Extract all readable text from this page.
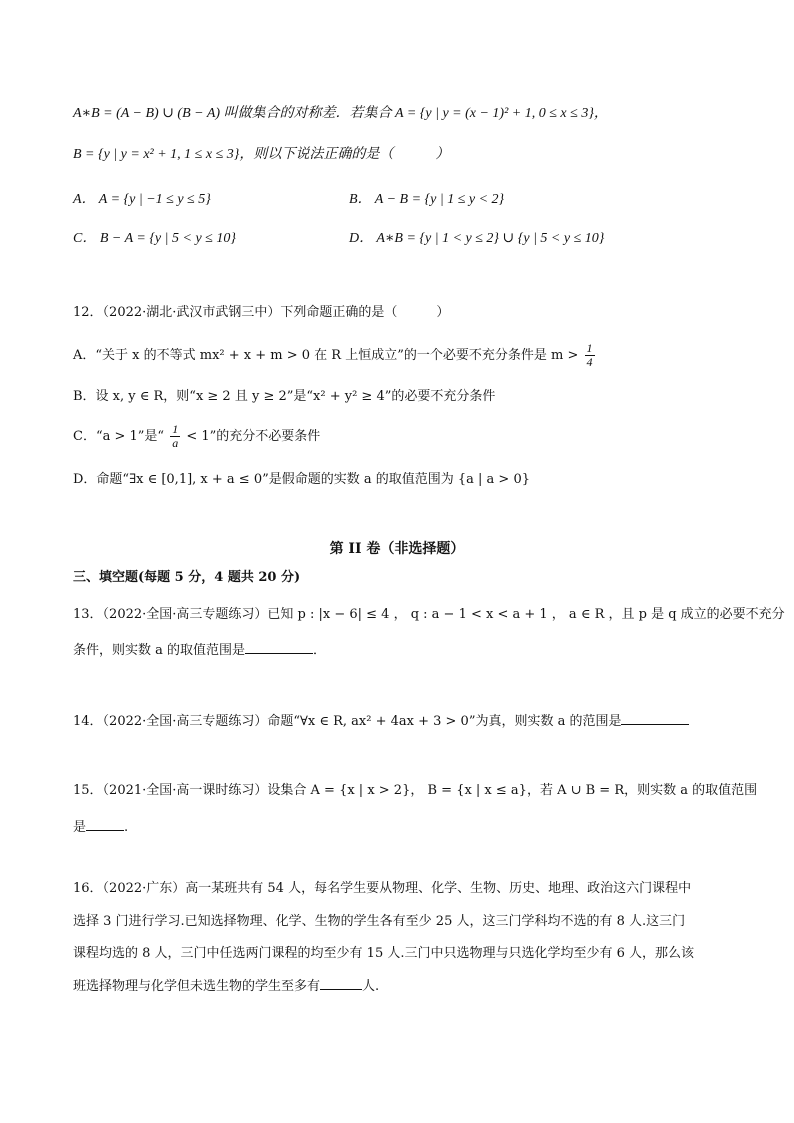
A∗B = (A − B) ∪ (B − A) 叫做集合的对称差．若集合 A = {y | y = (x − 1)² + 1, 0 ≤ x ≤ 3}，
B = {y | y = x² + 1, 1 ≤ x ≤ 3}，则以下说法正确的是（　　　）
A． A = {y | −1 ≤ y ≤ 5}	B． A − B = {y | 1 ≤ y < 2}
C． B − A = {y | 5 < y ≤ 10}	D． A∗B = {y | 1 < y ≤ 2} ∪ {y | 5 < y ≤ 10}
12．（2022·湖北·武汉市武钢三中）下列命题正确的是（　　　）
A．“关于 x 的不等式 mx² + x + m > 0 在 R 上恒成立”的一个必要不充分条件是 $m > \frac{1}{4}$
B．设 x, y ∈ R，则“x ≥ 2 且 y ≥ 2”是“x² + y² ≥ 4”的必要不充分条件
C．“a > 1”是“ $\frac{1}{a} < 1$”的充分不必要条件
D．命题“∃x ∈ [0,1], x + a ≤ 0”是假命题的实数 a 的取值范围为 {a | a > 0}
第 II 卷（非选择题）
三、填空题(每题 5 分，4 题共 20 分)
13．（2022·全国·高三专题练习）已知 p : |x − 6| ≤ 4 ， q : a − 1 < x < a + 1 ， a ∈ R ，且 p 是 q 成立的必要不充分
条件，则实数 a 的取值范围是	．
14．（2022·全国·高三专题练习）命题“∀x ∈ R, ax² + 4ax + 3 > 0”为真，则实数 a 的范围是
15．（2021·全国·高一课时练习）设集合 A = {x | x > 2}， B = {x | x ≤ a}，若 A ∪ B = R，则实数 a 的取值范围
是	.
16．（2022·广东）高一某班共有 54 人，每名学生要从物理、化学、生物、历史、地理、政治这六门课程中
选择 3 门进行学习.已知选择物理、化学、生物的学生各有至少 25 人，这三门学科均不选的有 8 人.这三门
课程均选的 8 人，三门中任选两门课程的均至少有 15 人.三门中只选物理与只选化学均至少有 6 人，那么该
班选择物理与化学但未选生物的学生至多有	人.
